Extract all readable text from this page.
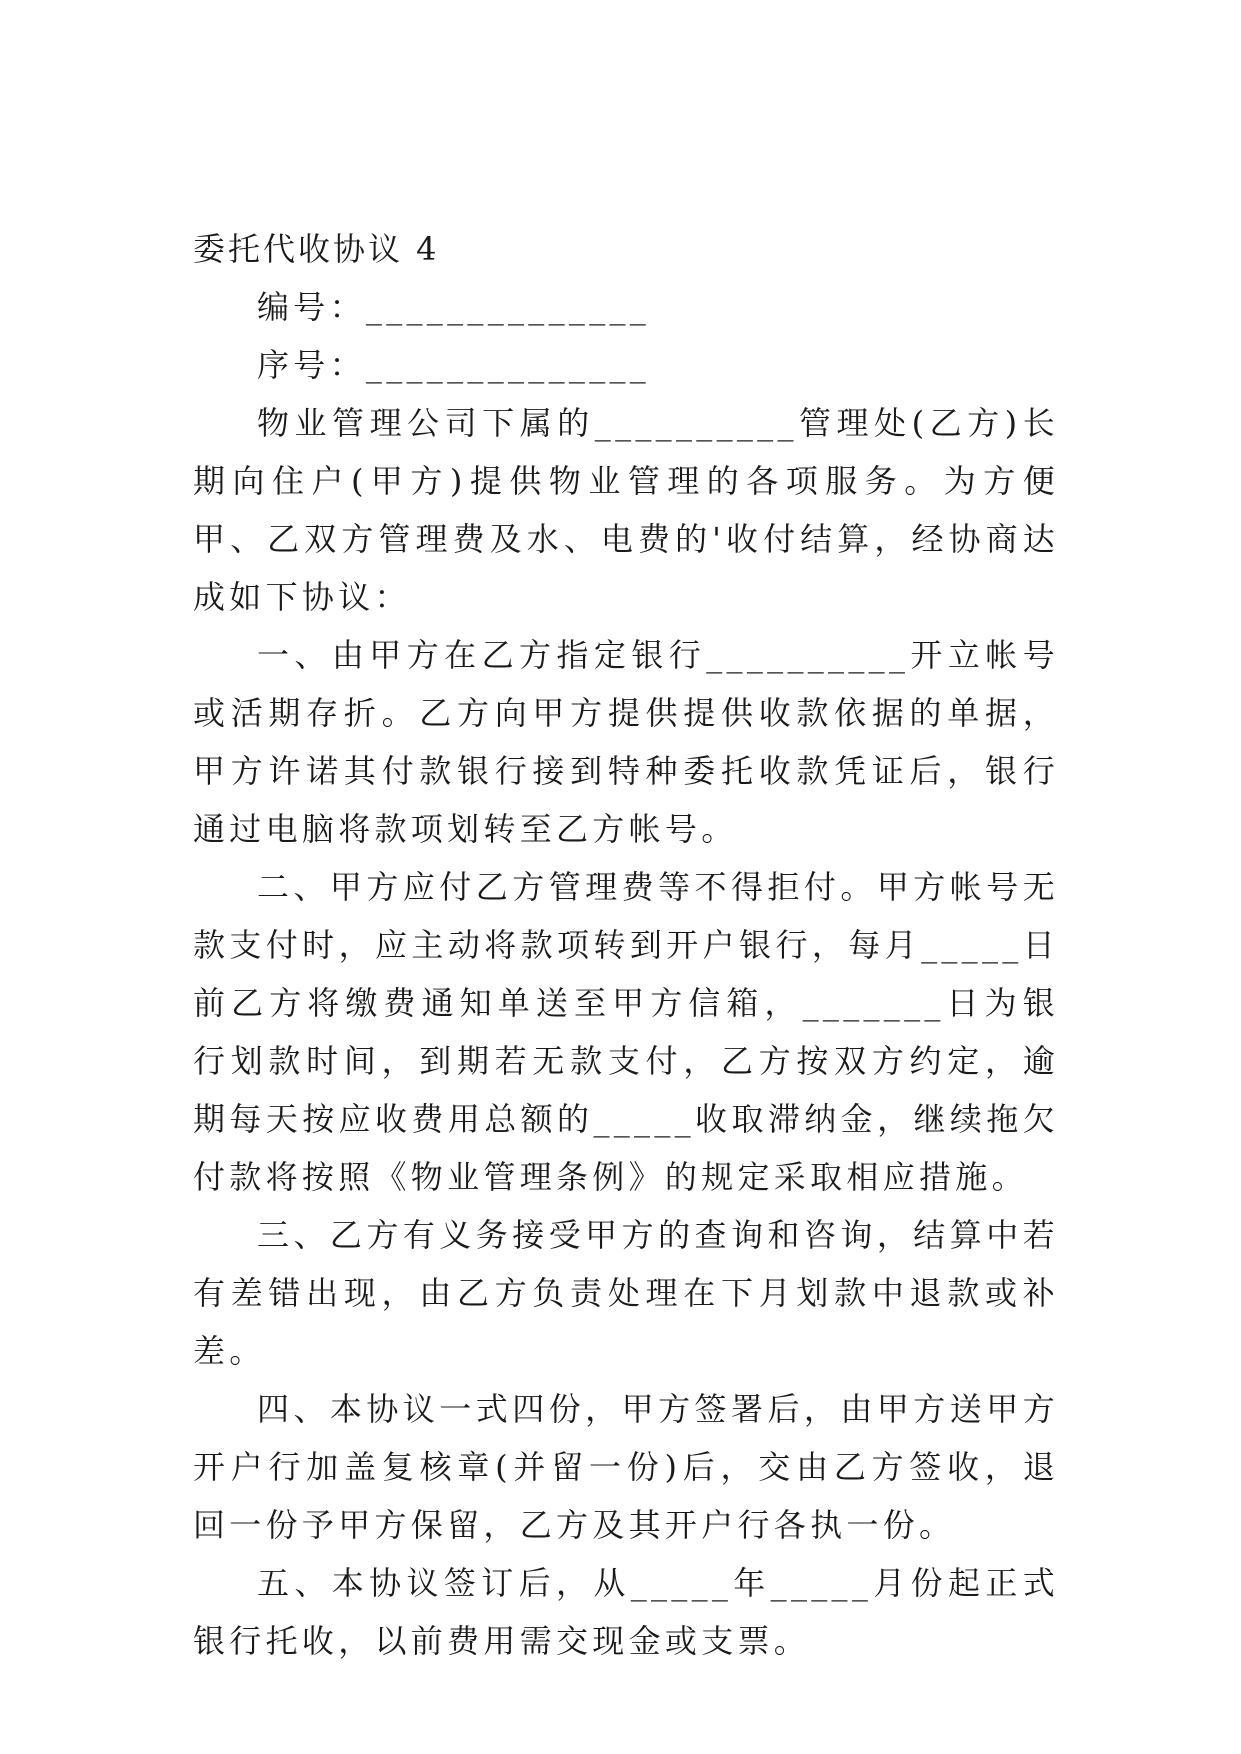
委托代收协议 4

编号：______________

序号：______________

物业管理公司下属的__________管理处(乙方)长期向住户(甲方)提供物业管理的各项服务。为方便甲、乙双方管理费及水、电费的'收付结算，经协商达成如下协议：

一、由甲方在乙方指定银行__________开立帐号或活期存折。乙方向甲方提供提供收款依据的单据，甲方许诺其付款银行接到特种委托收款凭证后，银行通过电脑将款项划转至乙方帐号。

二、甲方应付乙方管理费等不得拒付。甲方帐号无款支付时，应主动将款项转到开户银行，每月_____日前乙方将缴费通知单送至甲方信箱，_______日为银行划款时间，到期若无款支付，乙方按双方约定，逾期每天按应收费用总额的_____收取滞纳金，继续拖欠付款将按照《物业管理条例》的规定采取相应措施。

三、乙方有义务接受甲方的查询和咨询，结算中若有差错出现，由乙方负责处理在下月划款中退款或补差。

四、本协议一式四份，甲方签署后，由甲方送甲方开户行加盖复核章(并留一份)后，交由乙方签收，退回一份予甲方保留，乙方及其开户行各执一份。

五、本协议签订后，从_____年_____月份起正式银行托收，以前费用需交现金或支票。
